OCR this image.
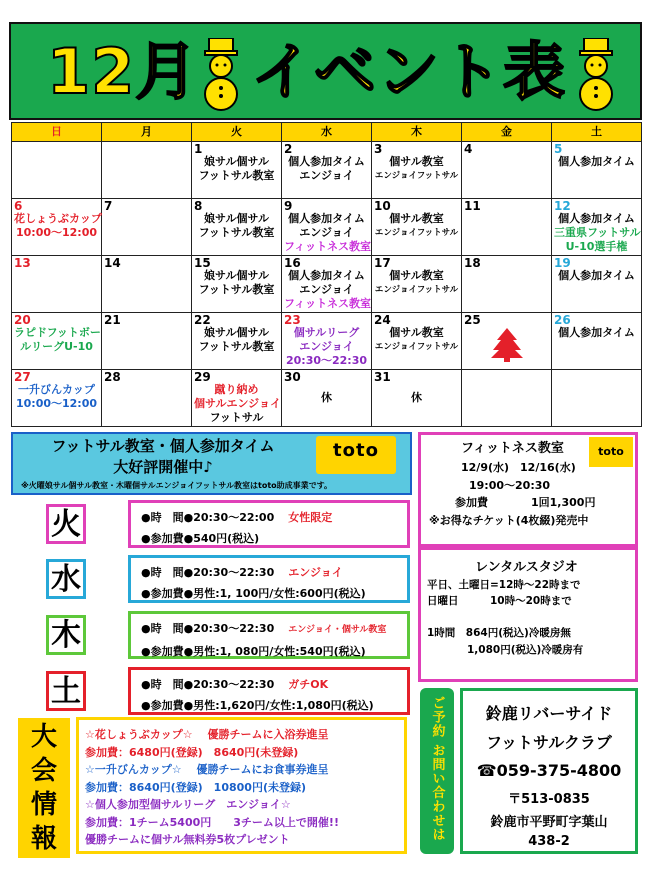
12月 イベント表
日	月	火	水	木	金	土

		1
娘サル個サル
フットサル教室	2
個人参加タイム
エンジョイ	3
個サル教室
エンジョイフットサル	4	5
個人参加タイム

6
花しょうぶカップ
10:00～12:00	7	8
娘サル個サル
フットサル教室	9
個人参加タイム
エンジョイ
フィットネス教室	10
個サル教室
エンジョイフットサル	11	12
個人参加タイム
三重県フットサル
U-10選手権

13	14	15
娘サル個サル
フットサル教室	16
個人参加タイム
エンジョイ
フィットネス教室	17
個サル教室
エンジョイフットサル	18	19
個人参加タイム

20
ラピドフットボー
ルリーグU-10	21	22
娘サル個サル
フットサル教室	23
個サルリーグ
エンジョイ
20:30～22:30	24
個サル教室
エンジョイフットサル	25	26
個人参加タイム

27
一升びんカップ
10:00～12:00	28	29
蹴り納め
個サルエンジョイ
フットサル	30
休	31
休		

フットサル教室・個人参加タイム
大好評開催中♪
※火曜娘サル個サル教室・木曜個サルエンジョイフットサル教室はtoto助成事業です。
toto	フィットネス教室	toto
12/9(水)　12/16(水)
19:00～20:30
参加費	1回1,300円
※お得なチケット(4枚綴)発売中
レンタルスタジオ
平日、土曜日=12時～22時まで
日曜日　　　10時～20時まで
1時間　864円(税込)冷暖房無
1,080円(税込)冷暖房有
火	●時　間●20:30～22:00 女性限定
●参加費●540円(税込)
水	●時　間●20:30～22:30 エンジョイ
●参加費●男性:1, 100円/女性:600円(税込)
木	●時　間●20:30～22:30 エンジョイ・個サル教室
●参加費●男性:1, 080円/女性:540円(税込)
土	●時　間●20:30～22:30 ガチOK
●参加費●男性:1,620円/女性:1,080円(税込)
大
会
情
報
☆花しょうぶカップ☆　 優勝チームに入浴券進呈
参加費：6480円(登録)　8640円(未登録)
☆一升びんカップ☆　 優勝チームにお食事券進呈
参加費：8640円(登録)　10800円(未登録)
☆個人参加型個サルリーグ　エンジョイ☆
参加費：1チーム5400円　　3チーム以上で開催!!
優勝チームに個サル無料券5枚プレゼント	ご予約 お問い合わせは	鈴鹿リバーサイド
フットサルクラブ
☎059-375-4800
〒513-0835
鈴鹿市平野町字葉山
438-2
